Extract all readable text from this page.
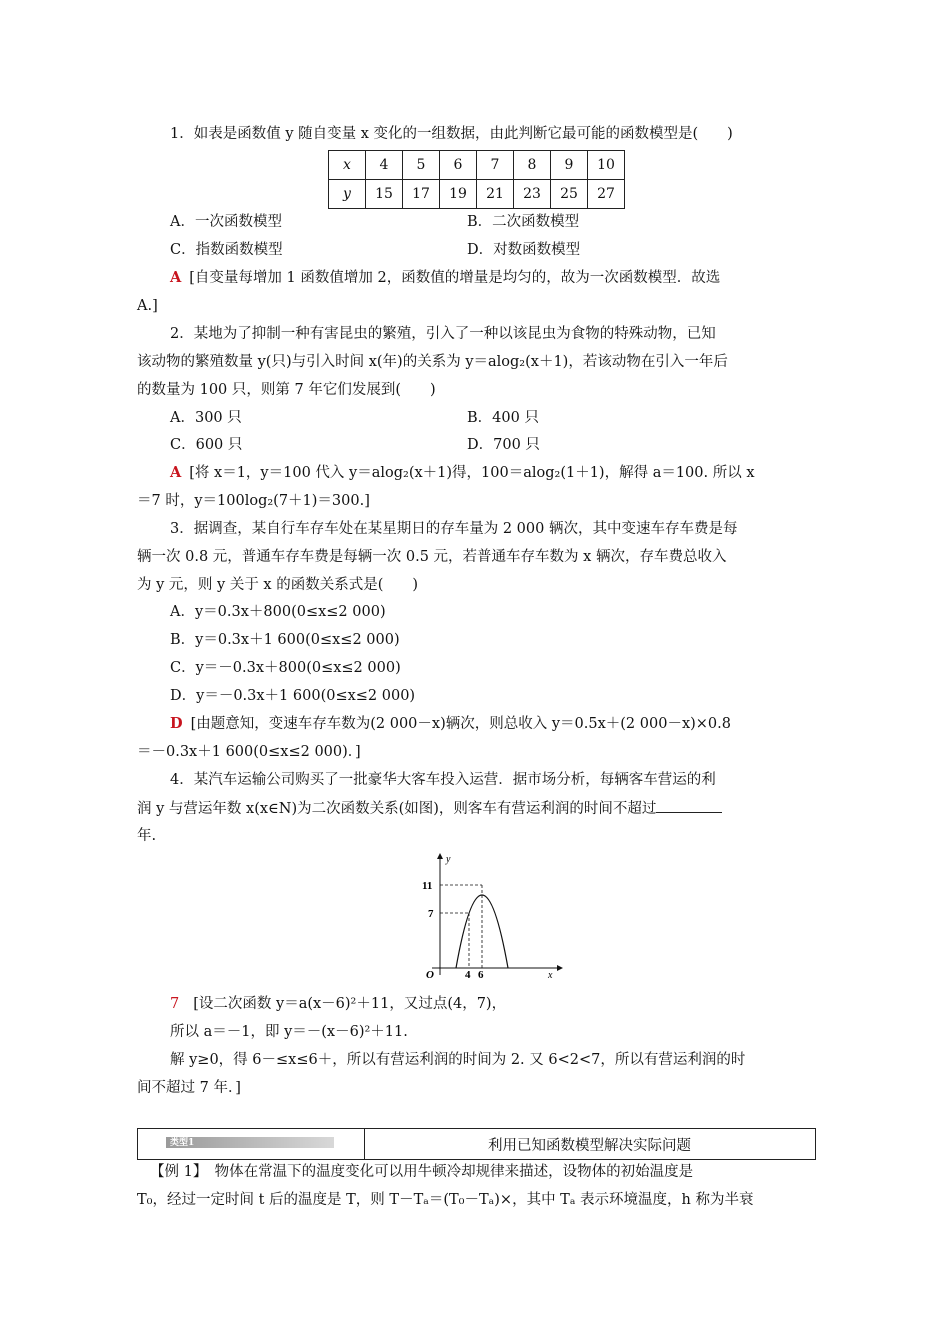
1．如表是函数值 y 随自变量 x 变化的一组数据，由此判断它最可能的函数模型是(　　)
x	4	5	6	7	8	9	10
y	15	17	19	21	23	25	27
A．一次函数模型	B．二次函数模型
C．指数函数模型	D．对数函数模型
A [自变量每增加 1 函数值增加 2，函数值的增量是均匀的，故为一次函数模型．故选
A.]
2．某地为了抑制一种有害昆虫的繁殖，引入了一种以该昆虫为食物的特殊动物，已知
该动物的繁殖数量 y(只)与引入时间 x(年)的关系为 y＝alog₂(x＋1)，若该动物在引入一年后
的数量为 100 只，则第 7 年它们发展到(　　)
A．300 只	B．400 只
C．600 只	D．700 只
A [将 x＝1，y＝100 代入 y＝alog₂(x＋1)得，100＝alog₂(1＋1)，解得 a＝100. 所以 x
＝7 时，y＝100log₂(7＋1)＝300.]
3．据调查，某自行车存车处在某星期日的存车量为 2 000 辆次，其中变速车存车费是每
辆一次 0.8 元，普通车存车费是每辆一次 0.5 元，若普通车存车数为 x 辆次，存车费总收入
为 y 元，则 y 关于 x 的函数关系式是(　　)
A．y＝0.3x＋800(0≤x≤2 000)
B．y＝0.3x＋1 600(0≤x≤2 000)
C．y＝－0.3x＋800(0≤x≤2 000)
D．y＝－0.3x＋1 600(0≤x≤2 000)
D [由题意知，变速车存车数为(2 000－x)辆次，则总收入 y＝0.5x＋(2 000－x)×0.8
＝－0.3x＋1 600(0≤x≤2 000)．]
4．某汽车运输公司购买了一批豪华大客车投入运营．据市场分析，每辆客车营运的利
润 y 与营运年数 x(x∈N)为二次函数关系(如图)，则客车有营运利润的时间不超过
年.
y
x
O
11
7
4 6
7 [设二次函数 y＝a(x－6)²＋11，又过点(4，7)，
所以 a＝－1，即 y＝－(x－6)²＋11.
解 y≥0，得 6－≤x≤6＋，所以有营运利润的时间为 2. 又 6<2<7，所以有营运利润的时
间不超过 7 年．]
类型1	利用已知函数模型解决实际问题
【例 1】　物体在常温下的温度变化可以用牛顿冷却规律来描述，设物体的初始温度是
T₀，经过一定时间 t 后的温度是 T，则 T－Tₐ＝(T₀－Tₐ)×，其中 Tₐ 表示环境温度，h 称为半衰
